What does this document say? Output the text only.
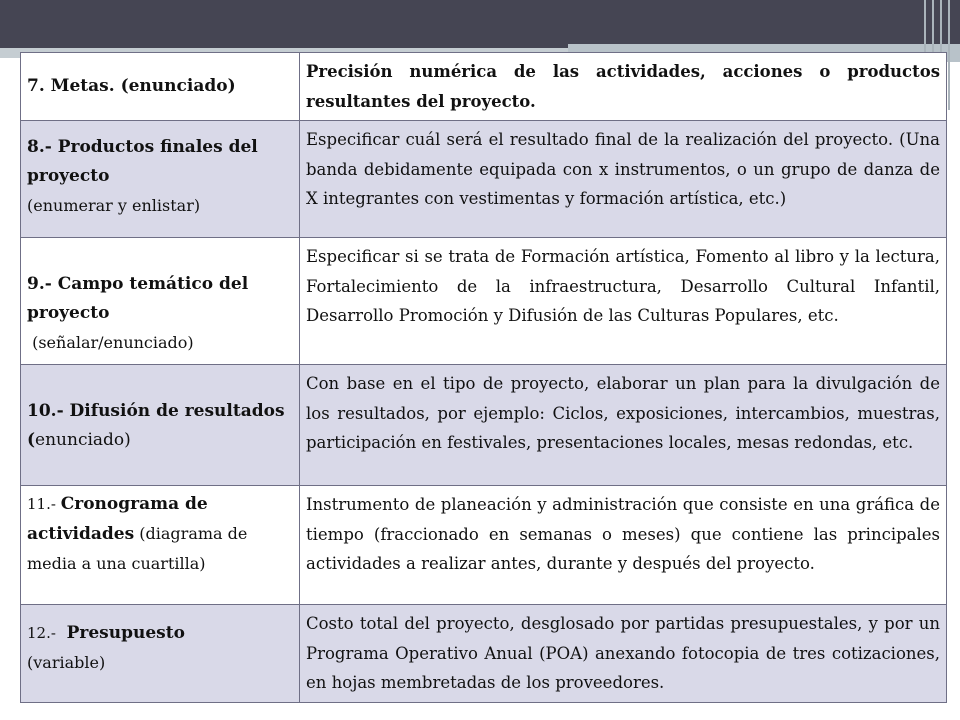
7. Metas. (enunciado)	Precisión numérica de las actividades, acciones o productos resultantes del proyecto.

8.- Productos finales del proyecto
(enumerar y enlistar)	Especificar cuál será el resultado final de la realización del proyecto. (Una banda debidamente equipada con x instrumentos, o un grupo de danza de X integrantes con vestimentas y formación artística, etc.)

9.- Campo temático del proyecto
(señalar/enunciado)	Especificar si se trata de Formación artística, Fomento al libro y la lectura, Fortalecimiento de la infraestructura, Desarrollo Cultural Infantil, Desarrollo Promoción y Difusión de las Culturas Populares, etc.

10.- Difusión de resultados (enunciado)	Con base en el tipo de proyecto, elaborar un plan para la divulgación de los resultados, por ejemplo: Ciclos, exposiciones, intercambios, muestras, participación en festivales, presentaciones locales, mesas redondas, etc.
11.- Cronograma de actividades (diagrama de media a una cuartilla)	Instrumento de planeación y administración que consiste en una gráfica de tiempo (fraccionado en semanas o meses) que contiene las principales actividades a realizar antes, durante y después del proyecto.

12.-  Presupuesto
(variable)	Costo total del proyecto, desglosado por partidas presupuestales, y por un Programa Operativo Anual (POA) anexando fotocopia de tres cotizaciones, en hojas membretadas de los proveedores.
